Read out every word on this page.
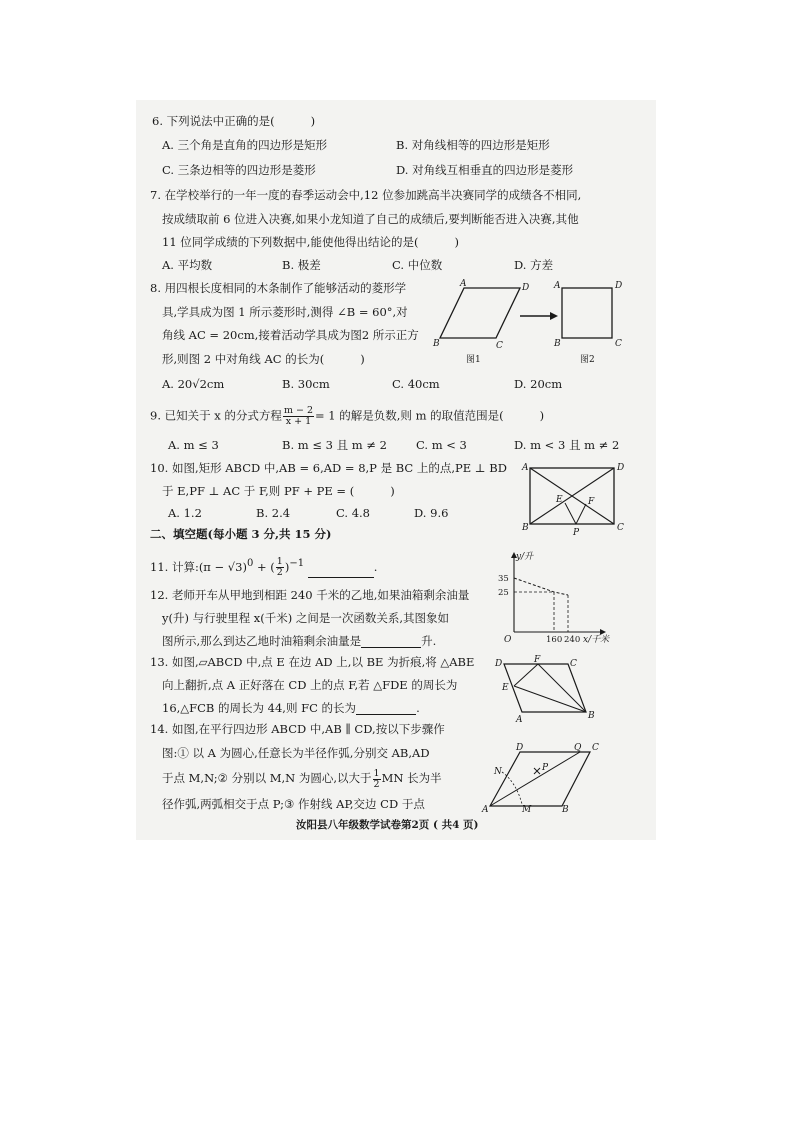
6. 下列说法中正确的是(	)
A. 三个角是直角的四边形是矩形	B. 对角线相等的四边形是矩形
C. 三条边相等的四边形是菱形	D. 对角线互相垂直的四边形是菱形
7. 在学校举行的一年一度的春季运动会中,12 位参加跳高半决赛同学的成绩各不相同,
按成绩取前 6 位进入决赛,如果小龙知道了自己的成绩后,要判断能否进入决赛,其他
11 位同学成绩的下列数据中,能使他得出结论的是(	)
A. 平均数	B. 极差	C. 中位数	D. 方差
8. 用四根长度相同的木条制作了能够活动的菱形学
具,学具成为图 1 所示菱形时,测得 ∠B = 60°,对
角线 AC = 20cm,接着活动学具成为图2 所示正方
形,则图 2 中对角线 AC 的长为(	)
A. 20√2cm	B. 30cm	C. 40cm	D. 20cm
A	D
B	C
图1
A	D
B	C
图2
9. 已知关于 x 的分式方程 $\frac{m - 2}{x + 1} = 1$ 的解是负数,则 m 的取值范围是(	)
A. m ≤ 3	B. m ≤ 3 且 m ≠ 2	C. m < 3	D. m < 3 且 m ≠ 2
10. 如图,矩形 ABCD 中,AB = 6,AD = 8,P 是 BC 上的点,PE ⊥ BD
于 E,PF ⊥ AC 于 F,则 PF + PE = (	)
A. 1.2	B. 2.4	C. 4.8	D. 9.6
A	D
E	F
B	P	C
二、填空题(每小题 3 分,共 15 分)
11. 计算:(π − √3)$^0$ + ( $\frac{1}{2} )^{-1}$	.
12. 老师开车从甲地到相距 240 千米的乙地,如果油箱剩余油量
y(升) 与行驶里程 x(千米) 之间是一次函数关系,其图象如
图所示,那么到达乙地时油箱剩余油量是	升.
y/升
35
25
O	160 240 x/千米
13. 如图,▱ABCD 中,点 E 在边 AD 上,以 BE 为折痕,将 △ABE
向上翻折,点 A 正好落在 CD 上的点 F,若 △FDE 的周长为
16,△FCB 的周长为 44,则 FC 的长为	.
D	F	C
E
A	B
14. 如图,在平行四边形 ABCD 中,AB ∥ CD,按以下步骤作
图:① 以 A 为圆心,任意长为半径作弧,分别交 AB,AD
于点 M,N;② 分别以 M,N 为圆心,以大于 $\frac{1}{2}$ MN 长为半
径作弧,两弧相交于点 P;③ 作射线 AP,交边 CD 于点
D	Q C
N	P
A	M	B
汝阳县八年级数学试卷第2页 ( 共4 页)
